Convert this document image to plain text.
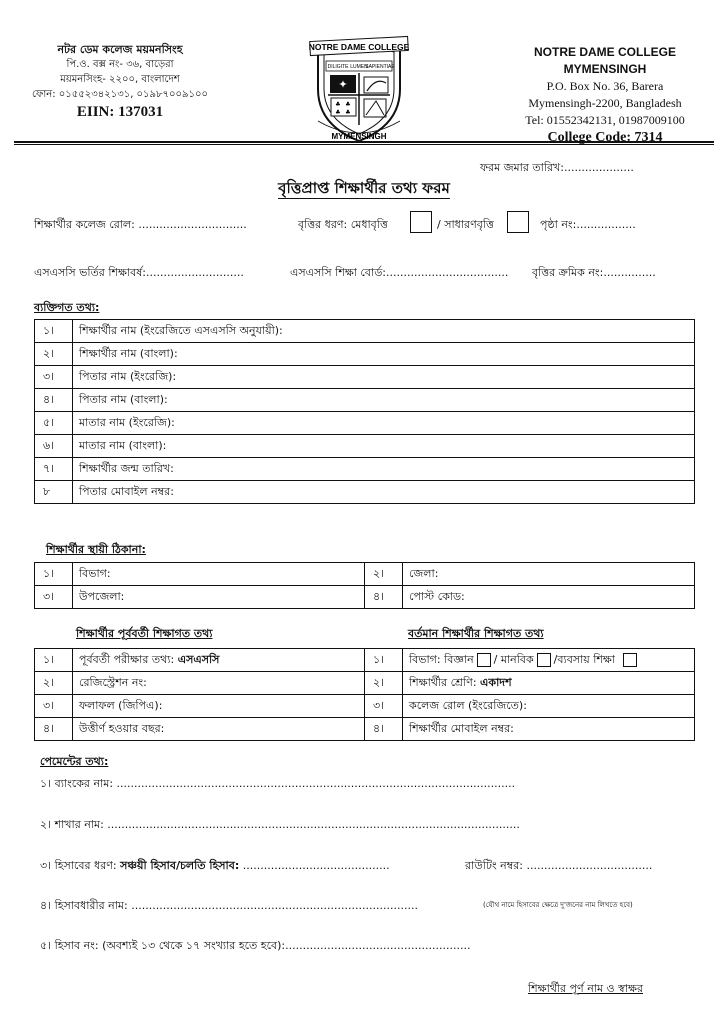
নটর ডেম কলেজ ময়মনসিংহ
পি.ও. বক্স নং- ৩৬, বাড়েরা
ময়মনসিংহ- ২২০০, বাংলাদেশ
ফোন: ০১৫৫২৩৪২১৩১, ০১৯৮৭০০৯১০০
EIIN: 137031
NOTRE DAME COLLEGE
DILIGITE LUMEN
SAPIENTIAE
✦
♣ ♣
♣ ♣
MYMENSINGH
NOTRE DAME COLLEGE MYMENSINGH
P.O. Box No. 36, Barera
Mymensingh-2200, Bangladesh
Tel: 01552342131, 01987009100
College Code: 7314
ফরম জমার তারিখ:....................
বৃত্তিপ্রাপ্ত শিক্ষার্থীর তথ্য ফরম
শিক্ষার্থীর কলেজ রোল: ...............................	বৃত্তির ধরণ: মেধাবৃত্তি	/ সাধারণবৃত্তি	পৃষ্ঠা নং:.................
এসএসসি ভর্তির শিক্ষাবর্ষ:............................	এসএসসি শিক্ষা বোর্ড:................................... বৃত্তির ক্রমিক নং:...............
ব্যক্তিগত তথ্য:
১।	শিক্ষার্থীর নাম (ইংরেজিতে এসএসসি অনুযায়ী):
২।	শিক্ষার্থীর নাম (বাংলা):
৩।	পিতার নাম (ইংরেজি):
৪।	পিতার নাম (বাংলা):
৫।	মাতার নাম (ইংরেজি):
৬।	মাতার নাম (বাংলা):
৭।	শিক্ষার্থীর জন্ম তারিখ:
৮	পিতার মোবাইল নম্বর:
শিক্ষার্থীর স্থায়ী ঠিকানা:
১।	বিভাগ:	২।	জেলা:
৩।	উপজেলা:	৪।	পোস্ট কোড:
শিক্ষার্থীর পূর্ববর্তী শিক্ষাগত তথ্য	বর্তমান শিক্ষার্থীর শিক্ষাগত তথ্য
১।	পূর্ববর্তী পরীক্ষার তথ্য: এসএসসি	১।	বিভাগ: বিজ্ঞান / মানবিক /ব্যবসায় শিক্ষা
২।	রেজিস্ট্রেশন নং:	২।	শিক্ষার্থীর শ্রেণি: একাদশ
৩।	ফলাফল (জিপিএ):	৩।	কলেজ রোল (ইংরেজিতে):
৪।	উত্তীর্ণ হওয়ার বছর:	৪।	শিক্ষার্থীর মোবাইল নম্বর:
পেমেন্টের তথ্য:
১। ব্যাংকের নাম: ..................................................................................................................
২। শাখার নাম: ......................................................................................................................
৩। হিসাবের ধরণ: সঞ্চয়ী হিসাব/চলতি হিসাব: ..........................................	রাউটিং নম্বর: ....................................
৪। হিসাবধারীর নাম: ..................................................................................	(যৌথ নামে হিসাবের ক্ষেত্রে দু'জনের নাম লিখতে হবে)
৫। হিসাব নং: (অবশ্যই ১৩ থেকে ১৭ সংখ্যার হতে হবে):.....................................................
শিক্ষার্থীর পূর্ণ নাম ও স্বাক্ষর
